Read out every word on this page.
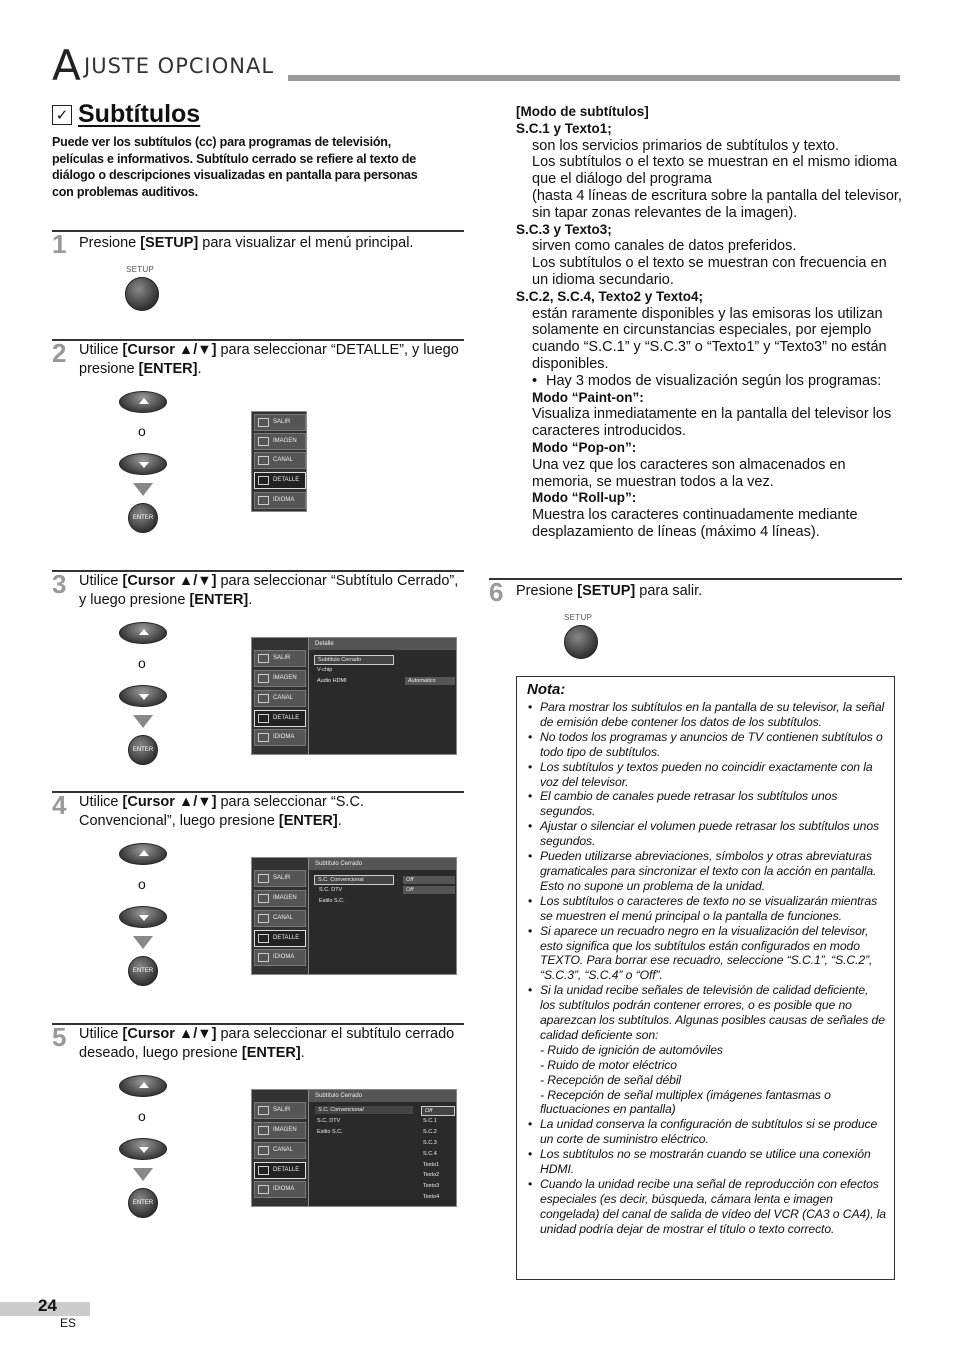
A JUSTE OPCIONAL
✓ Subtítulos
Puede ver los subtítulos (cc) para programas de televisión, películas e informativos. Subtítulo cerrado se refiere al texto de diálogo o descripciones visualizadas en pantalla para personas con problemas auditivos.
1 Presione [SETUP] para visualizar el menú principal.
SETUP
2 Utilice [Cursor ▲/▼] para seleccionar “DETALLE”, y luego presione [ENTER].
o
ENTER
SALIR
IMAGEN
CANAL
DETALLE
IDIOMA
3 Utilice [Cursor ▲/▼] para seleccionar “Subtítulo Cerrado”, y luego presione [ENTER].
o
ENTER
SALIR
IMAGEN
CANAL
DETALLE
IDIOMA
Detalle
Subtítulo Cerrado
V-chip
Audio HDMI	Automático
4 Utilice [Cursor ▲/▼] para seleccionar “S.C. Convencional”, luego presione [ENTER].
o
ENTER
SALIR
IMAGEN
CANAL
DETALLE
IDIOMA
Subtítulo Cerrado
S.C. Convencional	Off
S.C. DTV	Off
Estilo S.C.
5 Utilice [Cursor ▲/▼] para seleccionar el subtítulo cerrado deseado, luego presione [ENTER].
o
ENTER
SALIR
IMAGEN
CANAL
DETALLE
IDIOMA
Subtítulo Cerrado
S.C. Convencional
S.C. DTV
Estilo S.C.
Off
S.C.1
S.C.2
S.C.3
S.C.4
Texto1
Texto2
Texto3
Texto4
[Modo de subtítulos]
S.C.1 y Texto1;
son los servicios primarios de subtítulos y texto.
Los subtítulos o el texto se muestran en el mismo idioma que el diálogo del programa
(hasta 4 líneas de escritura sobre la pantalla del televisor, sin tapar zonas relevantes de la imagen).
S.C.3 y Texto3;
sirven como canales de datos preferidos.
Los subtítulos o el texto se muestran con frecuencia en un idioma secundario.
S.C.2, S.C.4, Texto2 y Texto4;
están raramente disponibles y las emisoras los utilizan solamente en circunstancias especiales, por ejemplo cuando “S.C.1” y “S.C.3” o “Texto1” y “Texto3” no están disponibles.
• Hay 3 modos de visualización según los programas:
Modo “Paint-on”:
Visualiza inmediatamente en la pantalla del televisor los caracteres introducidos.
Modo “Pop-on”:
Una vez que los caracteres son almacenados en memoria, se muestran todos a la vez.
Modo “Roll-up”:
Muestra los caracteres continuadamente mediante desplazamiento de líneas (máximo 4 líneas).
6 Presione [SETUP] para salir.
SETUP
Nota:
• Para mostrar los subtítulos en la pantalla de su televisor, la señal de emisión debe contener los datos de los subtítulos.
• No todos los programas y anuncios de TV contienen subtítulos o todo tipo de subtítulos.
• Los subtítulos y textos pueden no coincidir exactamente con la voz del televisor.
• El cambio de canales puede retrasar los subtítulos unos segundos.
• Ajustar o silenciar el volumen puede retrasar los subtítulos unos segundos.
• Pueden utilizarse abreviaciones, símbolos y otras abreviaturas gramaticales para sincronizar el texto con la acción en pantalla. Esto no supone un problema de la unidad.
• Los subtítulos o caracteres de texto no se visualizarán mientras se muestren el menú principal o la pantalla de funciones.
• Si aparece un recuadro negro en la visualización del televisor, esto significa que los subtítulos están configurados en modo TEXTO. Para borrar ese recuadro, seleccione “S.C.1”, “S.C.2”, “S.C.3”, “S.C.4” o “Off”.
• Si la unidad recibe señales de televisión de calidad deficiente, los subtítulos podrán contener errores, o es posible que no aparezcan los subtítulos. Algunas posibles causas de señales de calidad deficiente son:
- Ruido de ignición de automóviles
- Ruido de motor eléctrico
- Recepción de señal débil
- Recepción de señal multiplex (imágenes fantasmas o fluctuaciones en pantalla)
• La unidad conserva la configuración de subtítulos si se produce un corte de suministro eléctrico.
• Los subtítulos no se mostrarán cuando se utilice una conexión HDMI.
• Cuando la unidad recibe una señal de reproducción con efectos especiales (es decir, búsqueda, cámara lenta e imagen congelada) del canal de salida de vídeo del VCR (CA3 o CA4), la unidad podría dejar de mostrar el título o texto correcto.
24
ES
